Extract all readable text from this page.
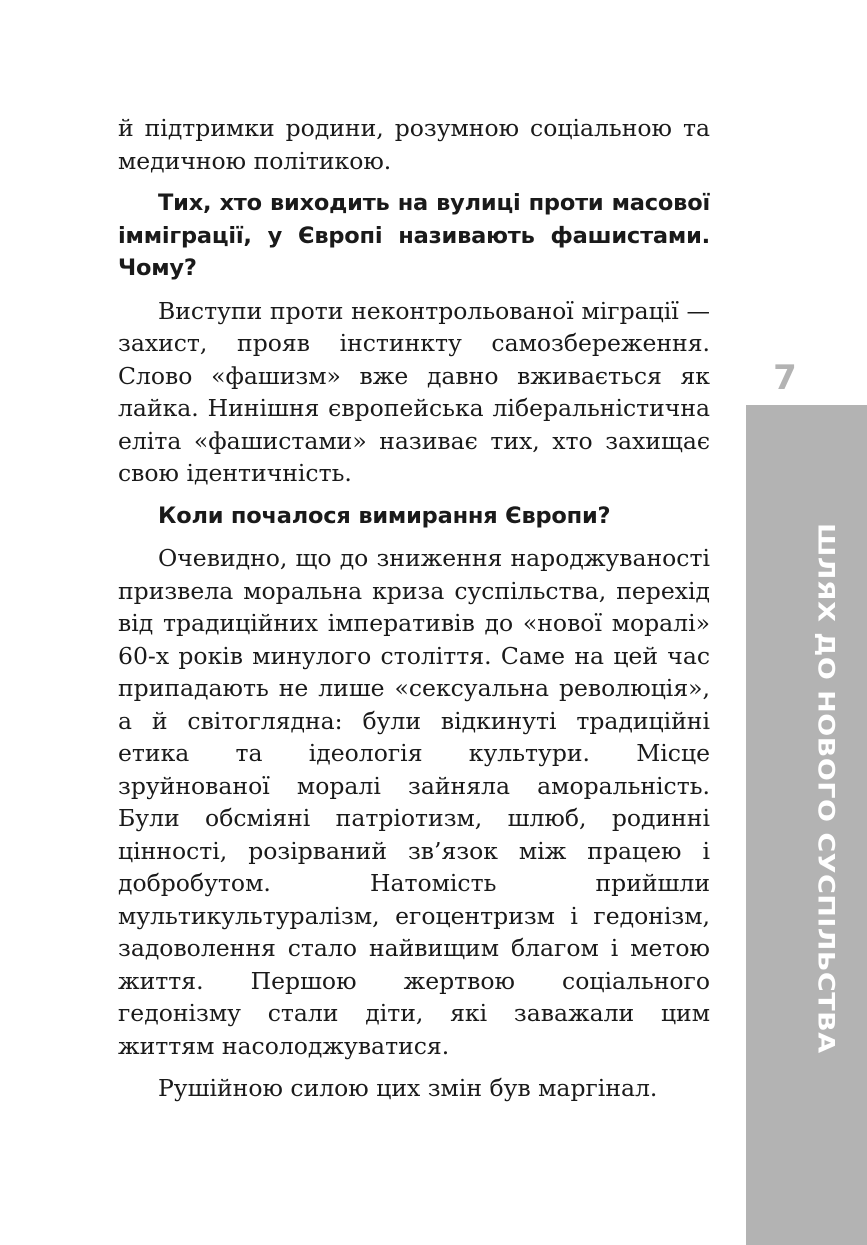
й підтримки родини, розумною соціальною та медичною політикою.

Тих, хто виходить на вулиці проти масової імміграції, у Європі називають фашистами. Чому?

Виступи проти неконтрольованої міграції — захист, прояв інстинкту самозбереження. Слово «фашизм» вже давно вживається як лайка. Нинішня європейська ліберальністична еліта «фашистами» називає тих, хто захищає свою ідентичність.

Коли почалося вимирання Європи?

Очевидно, що до зниження народжуваності призвела моральна криза суспільства, перехід від традиційних імперативів до «нової моралі» 60-х років минулого століття. Саме на цей час припадають не лише «сексуальна революція», а й світоглядна: були відкинуті традиційні етика та ідеологія культури. Місце зруйнованої моралі зайняла аморальність. Були обсміяні патріотизм, шлюб, родинні цінності, розірваний зв’язок між працею і добробутом. Натомість прийшли мультикультуралізм, егоцентризм і гедонізм, задоволення стало найвищим благом і метою життя. Першою жертвою соціального гедонізму стали діти, які заважали цим життям насолоджуватися.

Рушійною силою цих змін був маргінал.

7
ШЛЯХ ДО НОВОГО СУСПІЛЬСТВА
